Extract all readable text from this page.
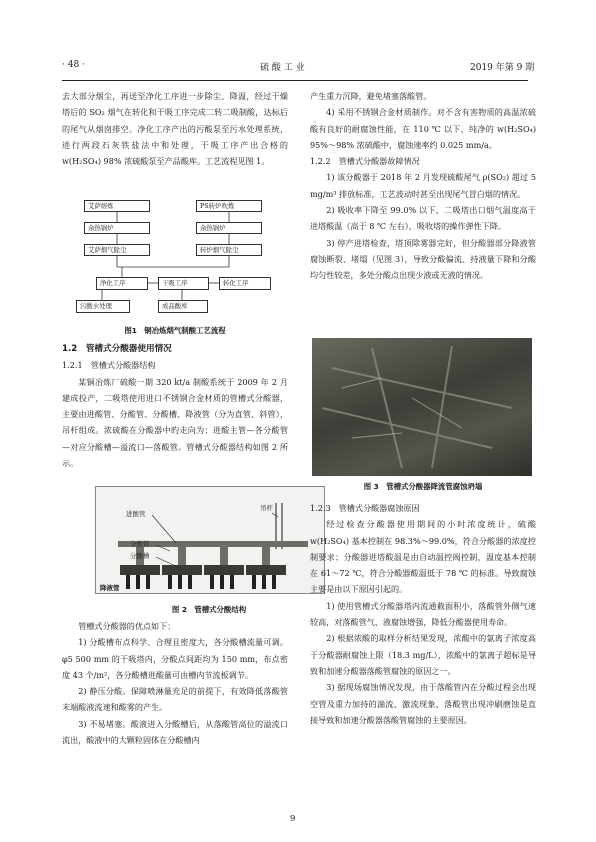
· 48 ·	硫 酸 工 业	2019 年第 9 期

去大部分烟尘，再送至净化工序进一步除尘、降温，经过干燥塔后的 SO₂ 烟气在转化和干吸工序完成二转二吸制酸，达标后的尾气从烟囱排空。净化工序产出的污酸泵至污水处理系统，进行两段石灰铁盐法中和处理，干吸工序产出合格的 w(H₂SO₄) 98% 浓硫酸泵至产品酸库。工艺流程见图 1。

艾萨熔炼
余热锅炉
艾萨烟气除尘
PS转炉吹炼
余热锅炉
转炉烟气除尘
净化工序	干吸工序	转化工序
污酸水处理	成品酸库
图1　铜冶炼烟气制酸工艺流程

1.2　管槽式分酸器使用情况

1.2.1　管槽式分酸器结构

某铜冶炼厂硫酸一期 320 kt/a 制酸系统于 2009 年 2 月建成投产，二吸塔使用进口不锈钢合金材质的管槽式分酸器，主要由进酸管、分酸管、分酸槽、降液管（分为直管、斜管），吊杆组成。浓硫酸在分酸器中旳走向为：进酸主管—各分酸管—对应分酸槽—溢流口—落酸管。管槽式分酸器结构如图 2 所示。

吊杆
进酸管
分酸管
分酸槽
降液管
图 2　管槽式分酸结构

管槽式分酸器的优点如下：

1) 分酸槽布点科学、合理且密度大，各分酸槽流量可调。φ5 500 mm 的干吸塔内，分酸点间距均为 150 mm，布点密度 43 个/m²，各分酸槽进酸量可由槽内节流板调节。

2) 静压分酸。保障喷淋量充足的前提下，有效降低落酸管末端酸液流速和酸雾的产生。

3) 不易堵塞。酸液进入分酸槽后，从落酸管高位的溢流口流出，酸液中的大颗粒固体在分酸槽内

产生重力沉降，避免堵塞落酸管。

4) 采用不锈钢合金材质制作。对不含有害物质的高温浓硫酸有良好的耐腐蚀性能，在 110 ℃ 以下、纯净的 w(H₂SO₄) 95%～98% 浓硫酸中，腐蚀速率约 0.025 mm/a。

1.2.2　管槽式分酸器故障情况

1) 该分酸器于 2018 年 2 月发现硫酸尾气 ρ(SO₂) 超过 5 mg/m³ 排放标准，工艺波动时甚至出现尾气冒白烟的情况。

2) 吸收率下降至 99.0% 以下，二吸塔出口烟气温度高于进塔酸温（高于 8 ℃ 左右），吸收塔的操作弹性下降。

3) 停产进塔检查，塔顶除雾器完好，但分酸器部分降液管腐蚀断裂、堵塌（见图 3），导致分酸偏流、持液量下降和分酸均匀性较差，多处分酸点出现少液或无液的情况。

图 3　管槽式分酸器降流管腐蚀坍塌

1.2.3　管槽式分酸器腐蚀原因

经过检查分酸器使用期间的小时浓度统计，硫酸 w(H₂SO₄) 基本控制在 98.3%～99.0%，符合分酸器的浓度控制要求；分酸器进塔酸温是由自动温控阀控制，温度基本控制在 61～72 ℃，符合分酸器酸温低于 78 ℃ 的标准。导致腐蚀主要是由以下原因引起的。

1) 使用管槽式分酸器塔内流通截面积小，落酸管外侧气速较高，对落酸管气、液腐蚀增强，降低分酸器使用寿命。

2) 根据浓酸的取样分析结果发现，浓酸中的氯离子浓度高于分酸器耐腐蚀上限（18.3 mg/L），浓酸中的氯离子超标是导致和加速分酸器落酸管腐蚀的原因之一。

3) 据现场腐蚀情况发现，由于落酸管内在分酸过程会出现空管及重力加持的湍流、激流现象，落酸管出现冲刷磨蚀是直接导致和加速分酸器落酸管腐蚀的主要原因。

9
